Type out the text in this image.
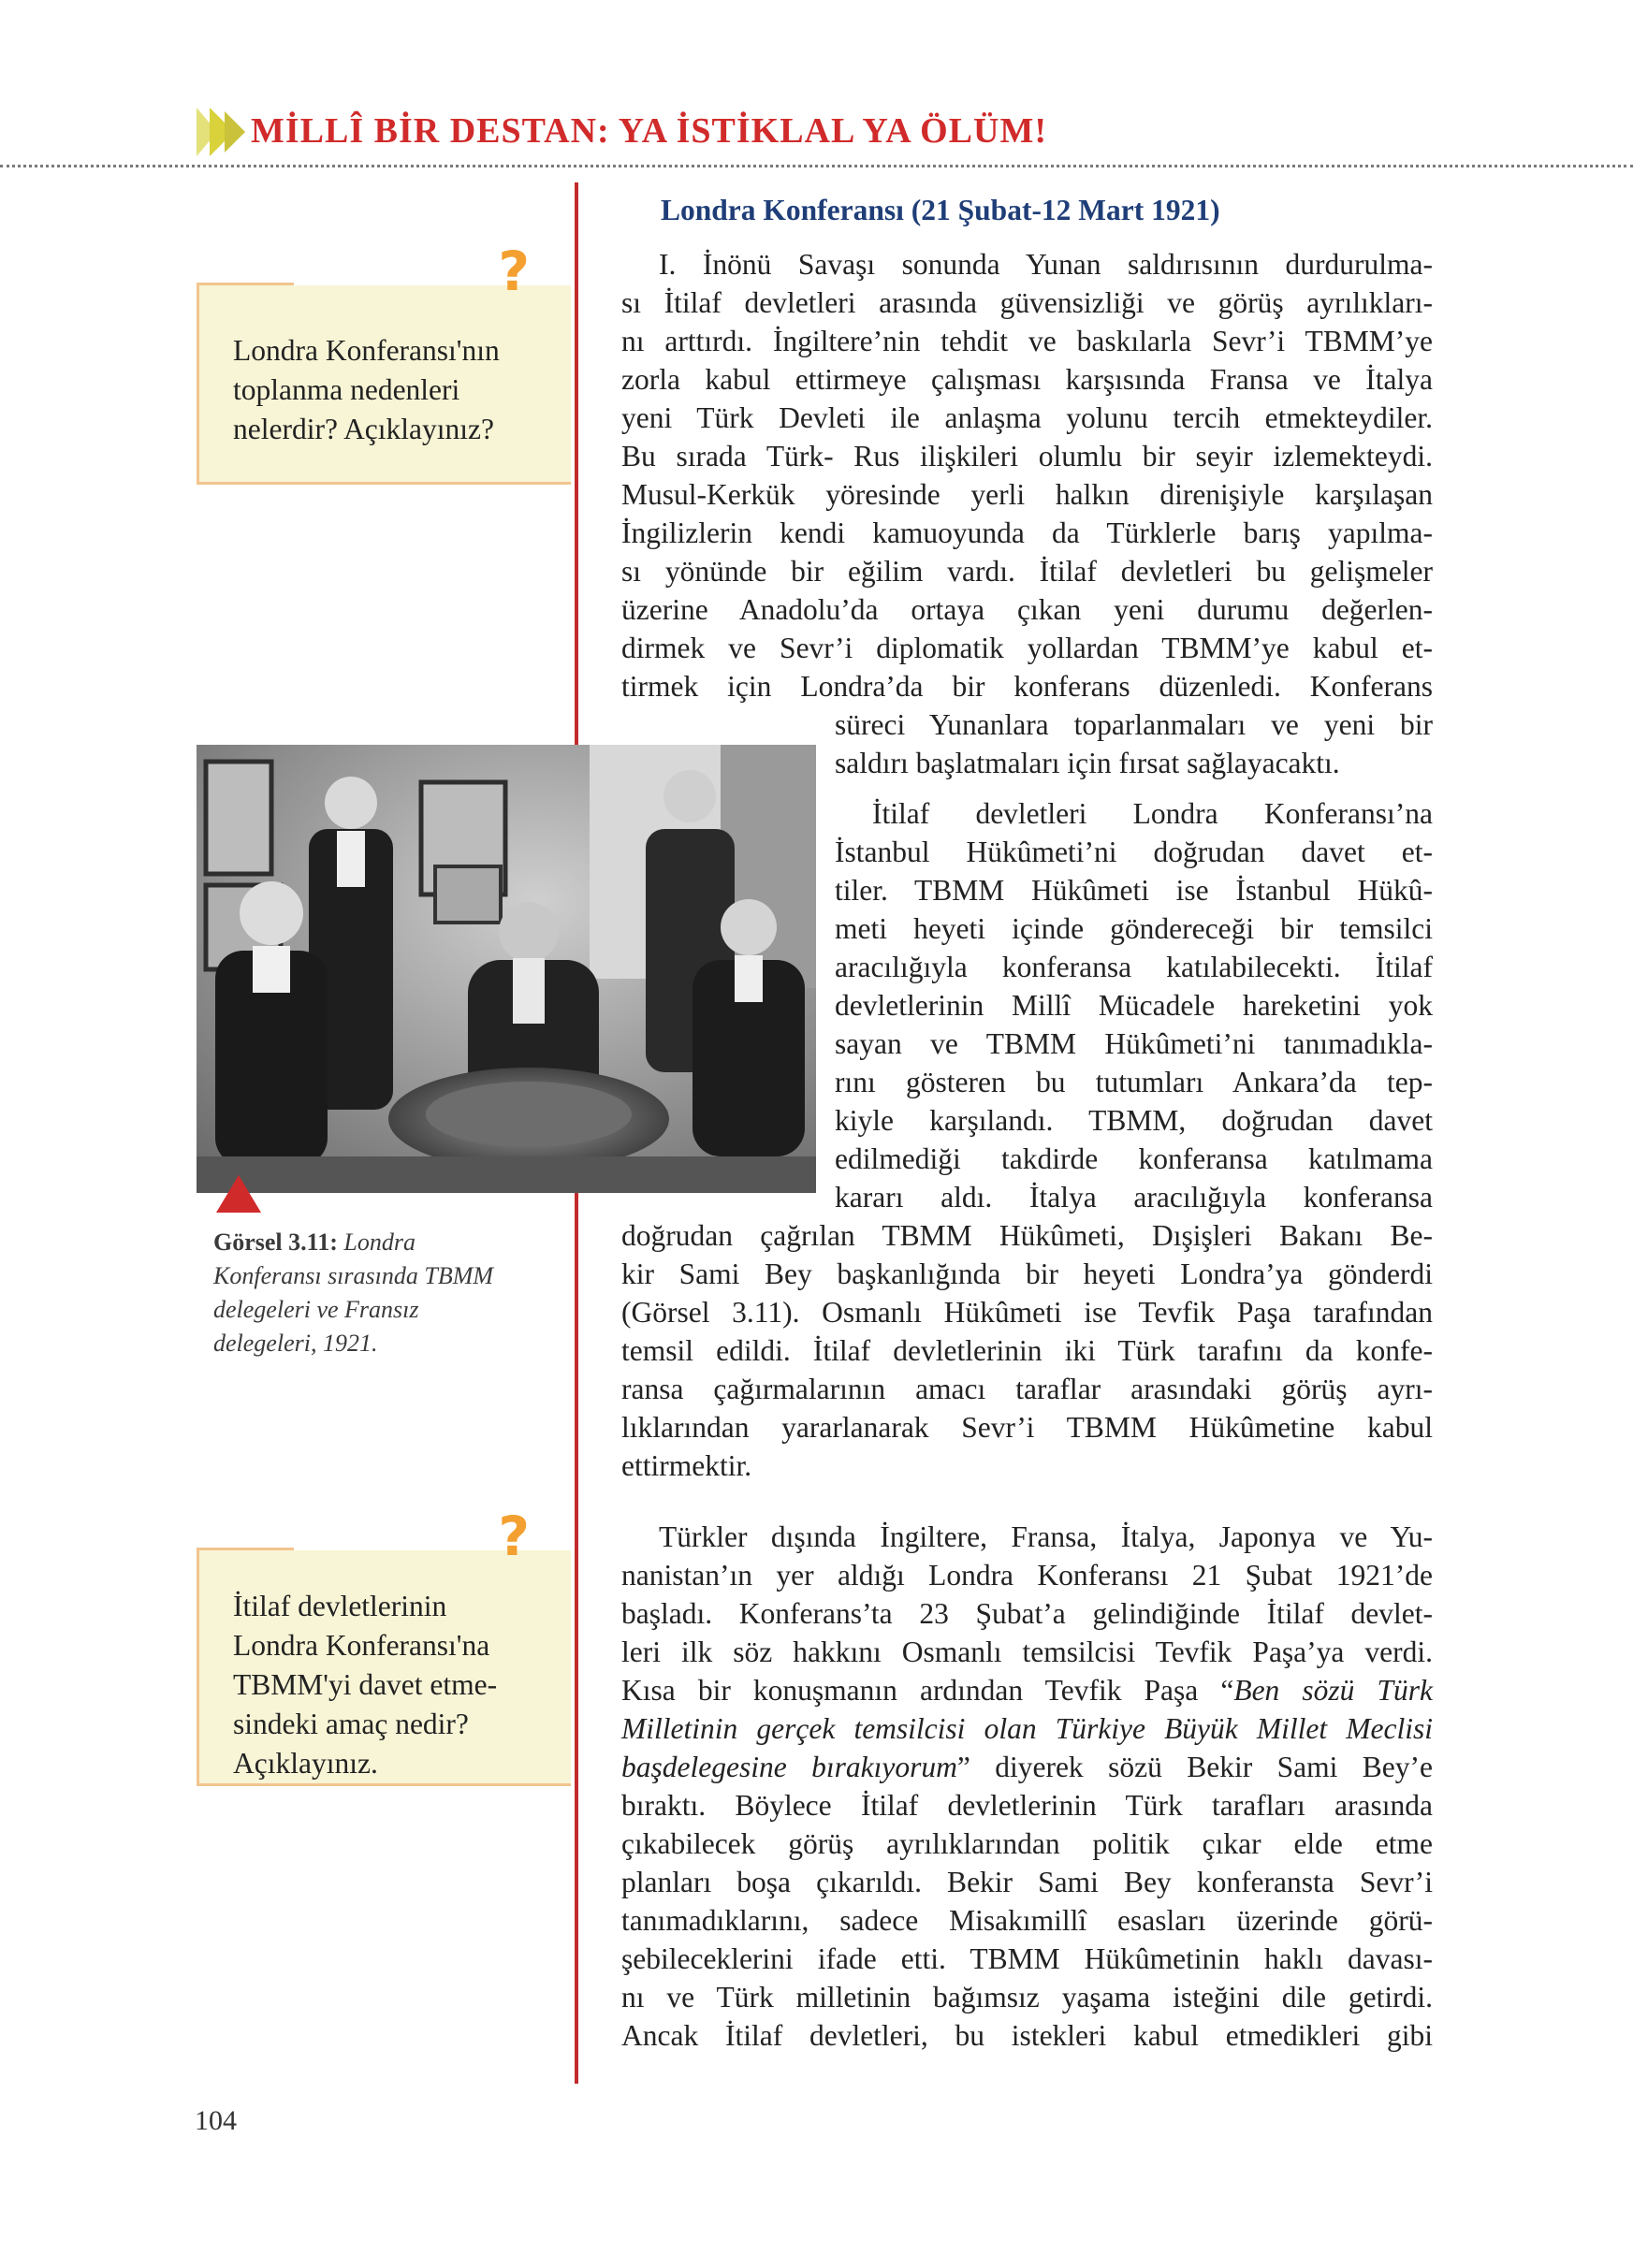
MİLLÎ BİR DESTAN: YA İSTİKLAL YA ÖLÜM!
?
Londra Konferansı'nın
toplanma nedenleri
nelerdir? Açıklayınız?
Görsel 3.11: Londra
Konferansı sırasında TBMM
delegeleri ve Fransız
delegeleri, 1921.
?
İtilaf devletlerinin
Londra Konferansı'na
TBMM'yi davet etme-
sindeki amaç nedir?
Açıklayınız.
Londra Konferansı (21 Şubat-12 Mart 1921)
I. İnönü Savaşı sonunda Yunan saldırısının durdurulma-
sı İtilaf devletleri arasında güvensizliği ve görüş ayrılıkları-
nı arttırdı. İngiltere’nin tehdit ve baskılarla Sevr’i TBMM’ye
zorla kabul ettirmeye çalışması karşısında Fransa ve İtalya
yeni Türk Devleti ile anlaşma yolunu tercih etmekteydiler.
Bu sırada Türk- Rus ilişkileri olumlu bir seyir izlemekteydi.
Musul-Kerkük yöresinde yerli halkın direnişiyle karşılaşan
İngilizlerin kendi kamuoyunda da Türklerle barış yapılma-
sı yönünde bir eğilim vardı. İtilaf devletleri bu gelişmeler
üzerine Anadolu’da ortaya çıkan yeni durumu değerlen-
dirmek ve Sevr’i diplomatik yollardan TBMM’ye kabul et-
tirmek için Londra’da bir konferans düzenledi. Konferans
süreci Yunanlara toparlanmaları ve yeni bir
saldırı başlatmaları için fırsat sağlayacaktı.
İtilaf devletleri Londra Konferansı’na
İstanbul Hükûmeti’ni doğrudan davet et-
tiler. TBMM Hükûmeti ise İstanbul Hükû-
meti heyeti içinde göndereceği bir temsilci
aracılığıyla konferansa katılabilecekti. İtilaf
devletlerinin Millî Mücadele hareketini yok
sayan ve TBMM Hükûmeti’ni tanımadıkla-
rını gösteren bu tutumları Ankara’da tep-
kiyle karşılandı. TBMM, doğrudan davet
edilmediği takdirde konferansa katılmama
kararı aldı. İtalya aracılığıyla konferansa
doğrudan çağrılan TBMM Hükûmeti, Dışişleri Bakanı Be-
kir Sami Bey başkanlığında bir heyeti Londra’ya gönderdi
(Görsel 3.11). Osmanlı Hükûmeti ise Tevfik Paşa tarafından
temsil edildi. İtilaf devletlerinin iki Türk tarafını da konfe-
ransa çağırmalarının amacı taraflar arasındaki görüş ayrı-
lıklarından yararlanarak Sevr’i TBMM Hükûmetine kabul
ettirmektir.
Türkler dışında İngiltere, Fransa, İtalya, Japonya ve Yu-
nanistan’ın yer aldığı Londra Konferansı 21 Şubat 1921’de
başladı. Konferans’ta 23 Şubat’a gelindiğinde İtilaf devlet-
leri ilk söz hakkını Osmanlı temsilcisi Tevfik Paşa’ya verdi.
Kısa bir konuşmanın ardından Tevfik Paşa “Ben sözü Türk
Milletinin gerçek temsilcisi olan Türkiye Büyük Millet Meclisi
başdelegesine bırakıyorum” diyerek sözü Bekir Sami Bey’e
bıraktı. Böylece İtilaf devletlerinin Türk tarafları arasında
çıkabilecek görüş ayrılıklarından politik çıkar elde etme
planları boşa çıkarıldı. Bekir Sami Bey konferansta Sevr’i
tanımadıklarını, sadece Misakımillî esasları üzerinde görü-
şebileceklerini ifade etti. TBMM Hükûmetinin haklı davası-
nı ve Türk milletinin bağımsız yaşama isteğini dile getirdi.
Ancak İtilaf devletleri, bu istekleri kabul etmedikleri gibi
104
